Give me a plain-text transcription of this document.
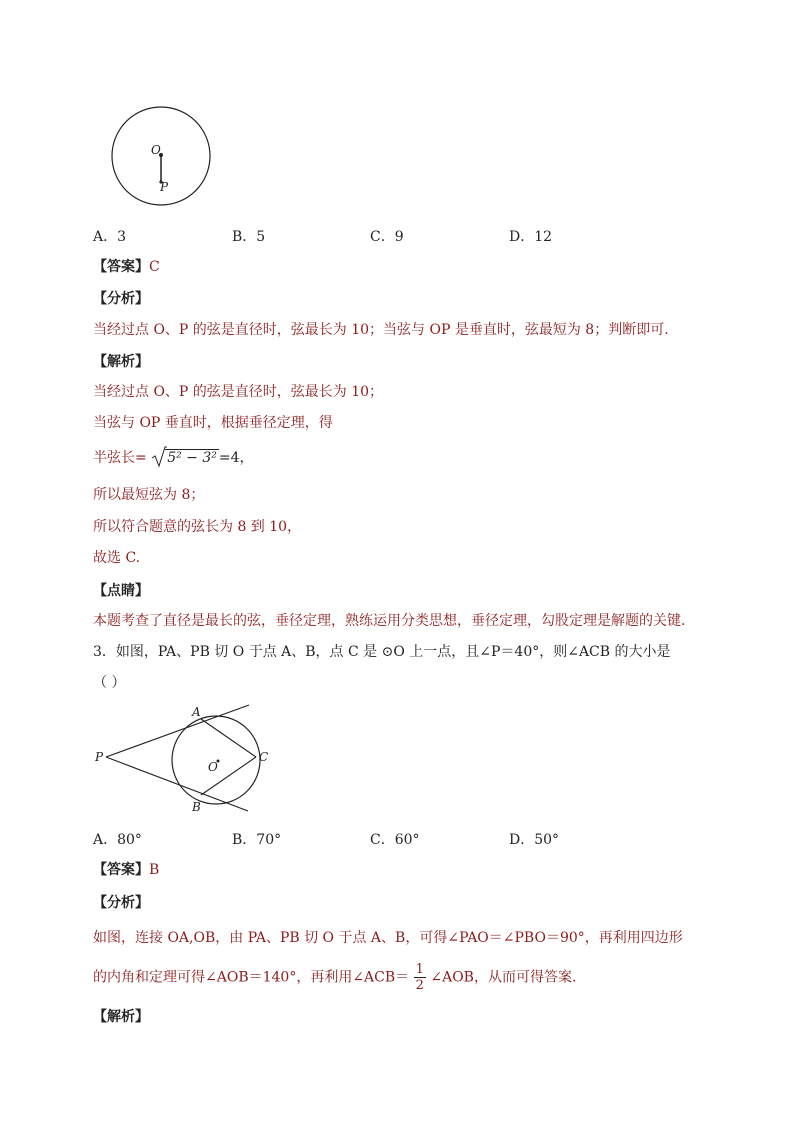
O
P
A．3	B．5	C．9	D．12
【答案】C
【分析】
当经过点 O、P 的弦是直径时，弦最长为 10；当弦与 OP 是垂直时，弦最短为 8；判断即可.
【解析】
当经过点 O、P 的弦是直径时，弦最长为 10；
当弦与 OP 垂直时，根据垂径定理，得
半弦长= 5² − 3² =4，
所以最短弦为 8；
所以符合题意的弦长为 8 到 10，
故选 C.
【点睛】
本题考查了直径是最长的弦，垂径定理，熟练运用分类思想，垂径定理，勾股定理是解题的关键.
3．如图，PA、PB 切 O 于点 A、B，点 C 是 ⊙O 上一点，且∠P＝40°，则∠ACB 的大小是
（ ）
A
B
C
O
P
A．80°	B．70°	C．60°	D．50°
【答案】B
【分析】
如图，连接 OA,OB，由 PA、PB 切 O 于点 A、B，可得∠PAO＝∠PBO＝90°，再利用四边形
的内角和定理可得∠AOB＝140°，再利用∠ACB＝ $\frac{1}{2}$ ∠AOB，从而可得答案.
【解析】
